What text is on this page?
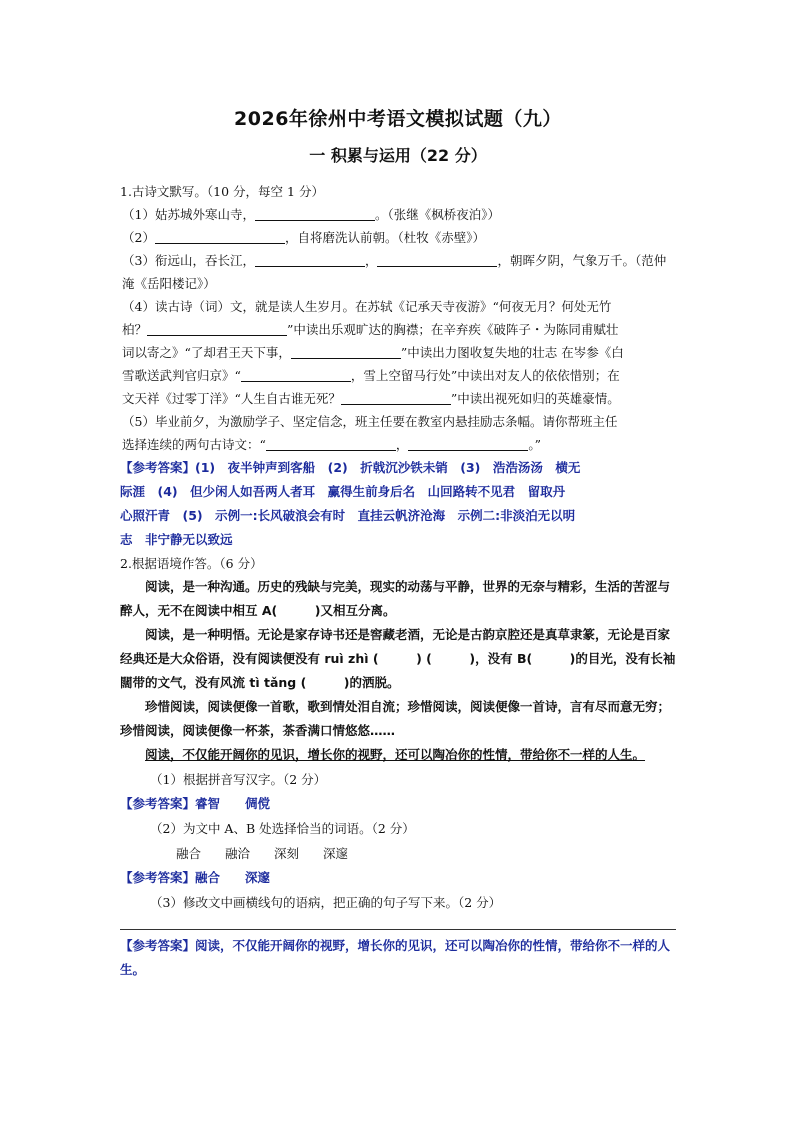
2026年徐州中考语文模拟试题（九）
一 积累与运用（22 分）

1.古诗文默写。（10 分，每空 1 分）

（1）姑苏城外寒山寺，	。（张继《枫桥夜泊》）

（2）	，自将磨洗认前朝。（杜牧《赤壁》）

（3）衔远山，吞长江，	，	，朝晖夕阴，气象万千。（范仲
淹《岳阳楼记》）

（4）读古诗（词）文，就是读人生岁月。在苏轼《记承天寺夜游》“何夜无月？何处无竹
柏？	”中读出乐观旷达的胸襟；在辛弃疾《破阵子・为陈同甫赋壮
词以寄之》“了却君王天下事，	”中读出力图收复失地的壮志 在岑参《白
雪歌送武判官归京》“	，雪上空留马行处”中读出对友人的依依惜别；在
文天祥《过零丁洋》“人生自古谁无死？	”中读出视死如归的英雄豪情。

（5）毕业前夕，为激励学子、坚定信念，班主任要在教室内悬挂励志条幅。请你帮班主任
选择连续的两句古诗文：“	，	。”

【参考答案】(1)　夜半钟声到客船　(2)　折戟沉沙铁未销　(3)　浩浩汤汤　横无
际涯　(4)　但少闲人如吾两人者耳　赢得生前身后名　山回路转不见君　留取丹
心照汗青　(5)　示例一:长风破浪会有时　直挂云帆济沧海　示例二:非淡泊无以明
志　非宁静无以致远

2.根据语境作答。（6 分）

阅读，是一种沟通。历史的残缺与完美，现实的动荡与平静，世界的无奈与精彩，生活的苦涩与醉人，无不在阅读中相互 A(　　　)又相互分离。

阅读，是一种明悟。无论是家存诗书还是窖藏老酒，无论是古韵京腔还是真草隶篆，无论是百家经典还是大众俗语，没有阅读便没有 ruì zhì (　　　) (　　　)，没有 B(　　　)的目光，没有长袖闊带的文气，没有风流 tì tǎng (　　　)的洒脱。

珍惜阅读，阅读便像一首歌，歌到情处泪自流；珍惜阅读，阅读便像一首诗，言有尽而意无穷；珍惜阅读，阅读便像一杯茶，茶香满口情悠悠……

阅读，不仅能开阔你的见识，增长你的视野，还可以陶冶你的性情，带给你不一样的人生。

（1）根据拼音写汉字。（2 分）

【参考答案】睿智　　倜傥

（2）为文中 A、B 处选择恰当的词语。（2 分）

融合 融洽 深刻 深邃

【参考答案】融合　　深邃

（3）修改文中画横线句的语病，把正确的句子写下来。（2 分）

【参考答案】阅读，不仅能开阔你的视野，增长你的见识，还可以陶冶你的性情，带给你不一样的人生。
